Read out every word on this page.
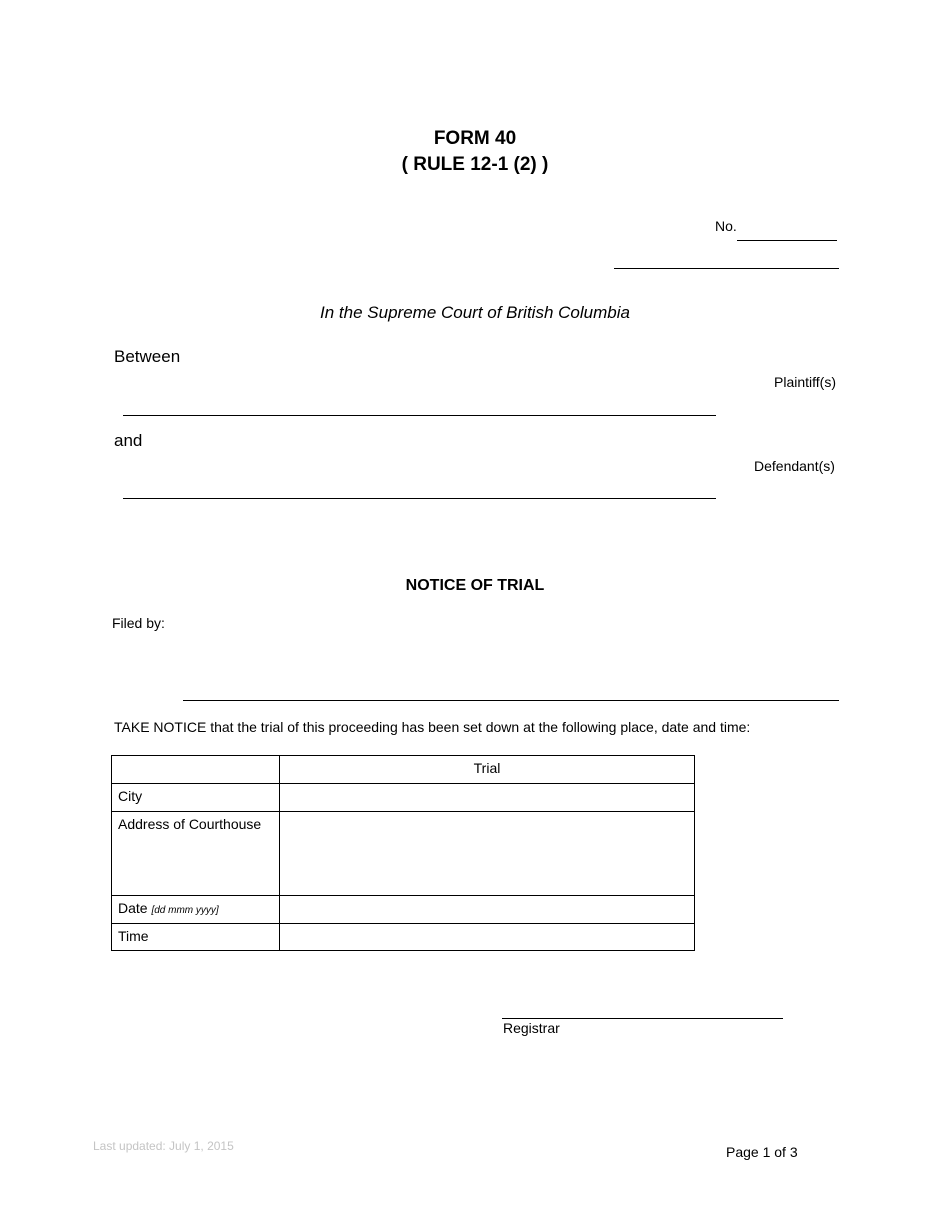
FORM 40
( RULE 12-1 (2) )
No.
In the Supreme Court of British Columbia
Between
Plaintiff(s)
and
Defendant(s)
NOTICE OF TRIAL
Filed by:
TAKE NOTICE that the trial of this proceeding has been set down at the following place, date and time:
	Trial
City	
Address of Courthouse	
Date [dd mmm yyyy]	
Time	
Registrar
Last updated: July 1, 2015	Page 1 of 3
